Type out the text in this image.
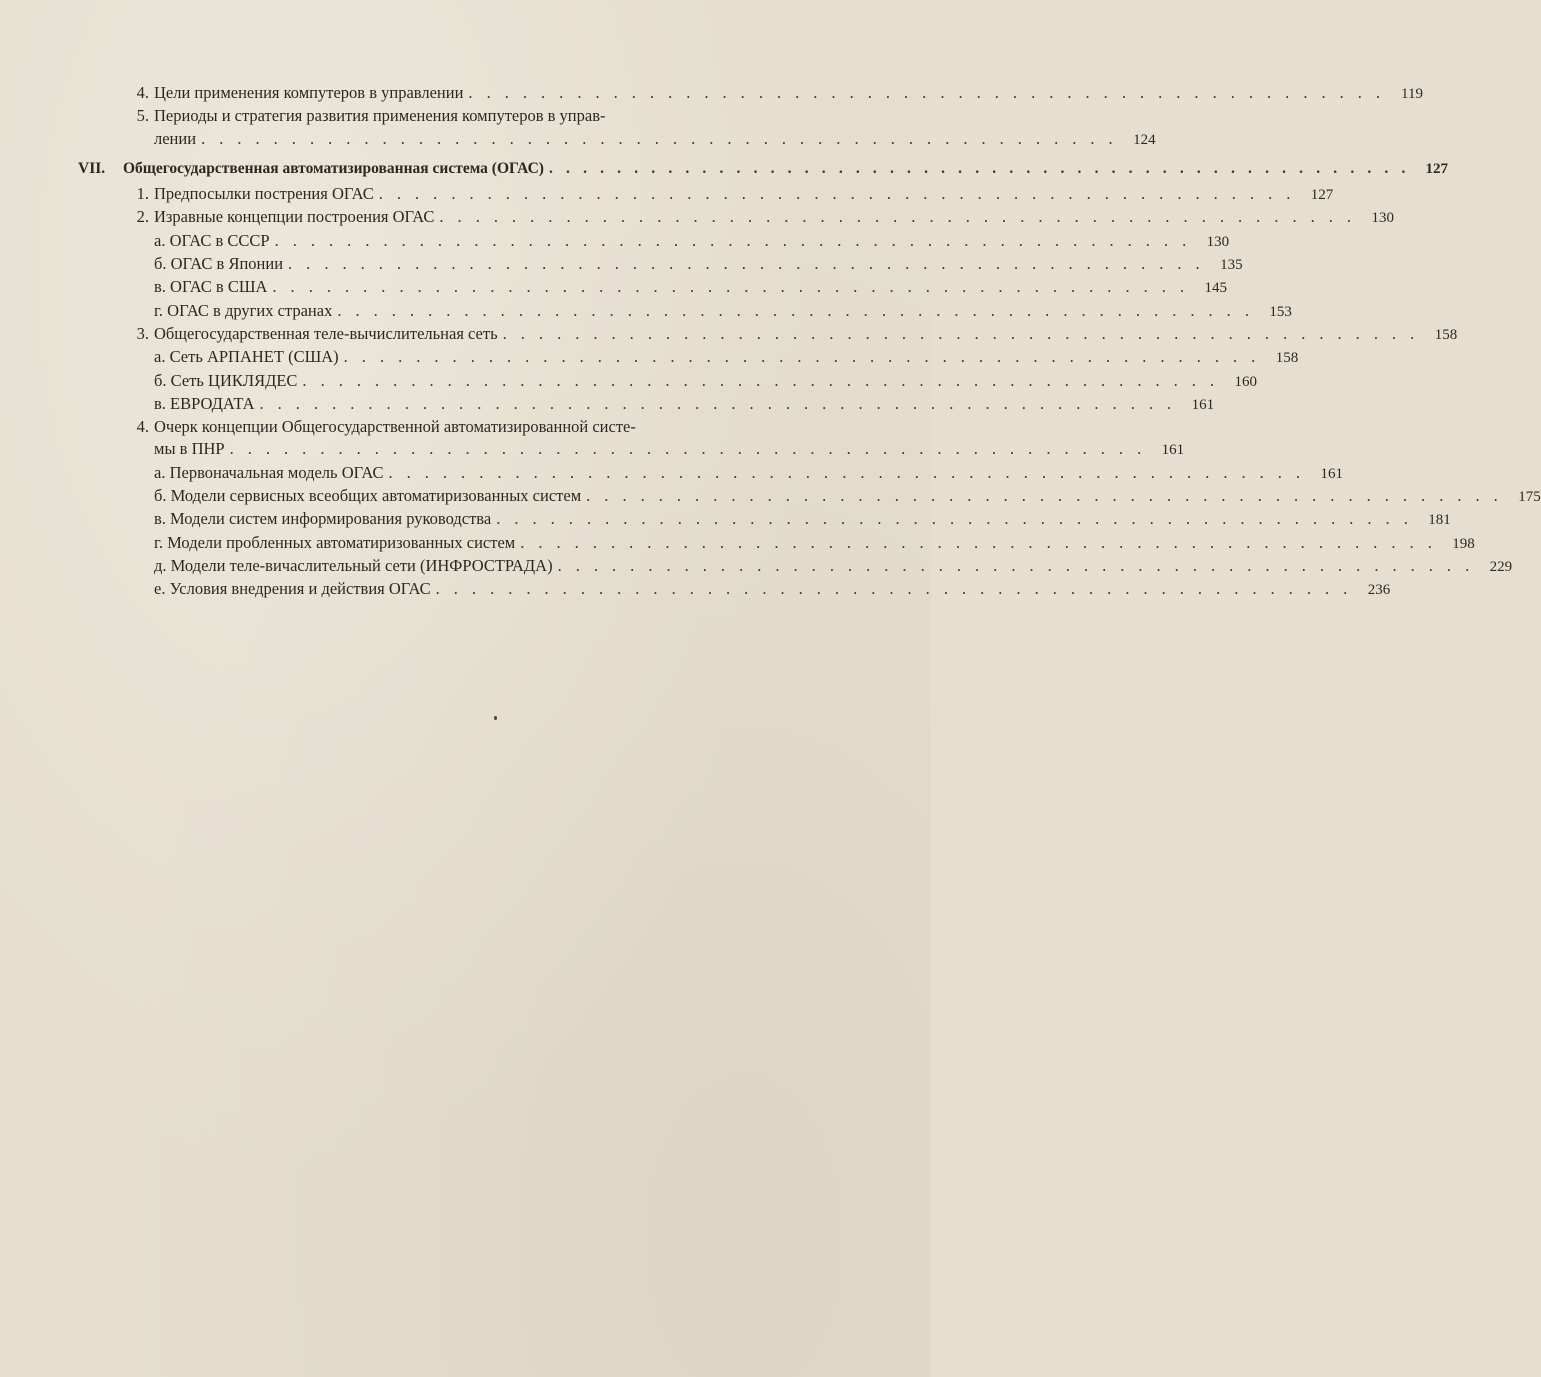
4. Цели применения компутеров в управлении . . .	119
5. Периоды и стратегия развития применения компутеров в управ-
лении . . .	124
VII.	Общегосударственная автоматизированная система (ОГАС) . . .	127
1. Предпосылки пострения ОГАС . . .	127
2. Изравные концепции построения ОГАС . . .	130
а. ОГАС в СССР . . .	130
б. ОГАС в Японии . . .	135
в. ОГАС в США . . .	145
г. ОГАС в других странах . . .	153
3. Общегосударственная теле-вычислительная сеть . . .	158
а. Сеть АРПАНЕТ (США) . . .	158
б. Сеть ЦИКЛЯДЕС . . .	160
в. ЕВРОДАТА . . .	161
4. Очерк концепции Общегосударственной автоматизированной систе-
мы в ПНР . . .	161
а. Первоначальная модель ОГАС . . .	161
б. Модели сервисных всеобщих автоматиризованных систем . . .	175
в. Модели систем информирования руководства . . .	181
г. Модели пробленных автоматиризованных систем . . .	198
д. Модели теле-вичаслительный сети (ИНФРОСТРАДА) . . .	229
е. Условия внедрения и действия ОГАС . . .	236
